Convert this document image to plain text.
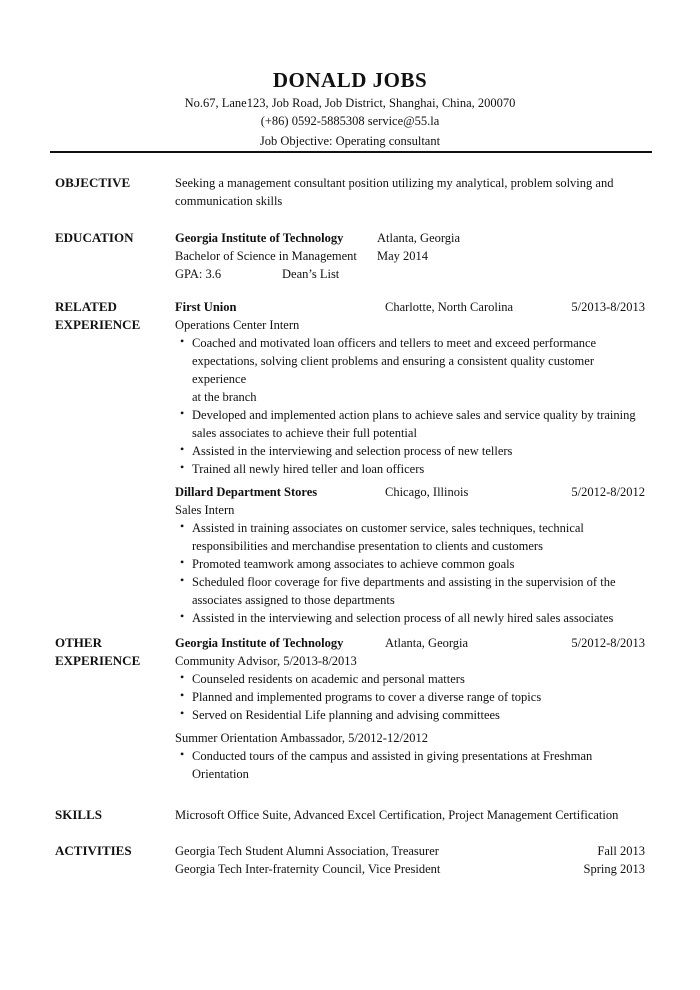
DONALD JOBS
No.67, Lane123, Job Road, Job District, Shanghai, China, 200070
(+86) 0592-5885308 service@55.la
Job Objective: Operating consultant
OBJECTIVE	Seeking a management consultant position utilizing my analytical, problem solving and
communication skills
EDUCATION	Georgia Institute of Technology	Atlanta, Georgia
Bachelor of Science in Management May 2014
GPA: 3.6	Dean’s List
RELATED
EXPERIENCE
First Union	Charlotte, North Carolina	5/2013-8/2013
Operations Center Intern
• Coached and motivated loan officers and tellers to meet and exceed performance
expectations, solving client problems and ensuring a consistent quality customer experience
at the branch
• Developed and implemented action plans to achieve sales and service quality by training
sales associates to achieve their full potential
• Assisted in the interviewing and selection process of new tellers
• Trained all newly hired teller and loan officers
Dillard Department Stores	Chicago, Illinois	5/2012-8/2012
Sales Intern
• Assisted in training associates on customer service, sales techniques, technical
responsibilities and merchandise presentation to clients and customers
• Promoted teamwork among associates to achieve common goals
• Scheduled floor coverage for five departments and assisting in the supervision of the
associates assigned to those departments
• Assisted in the interviewing and selection process of all newly hired sales associates
OTHER
EXPERIENCE
Georgia Institute of Technology	Atlanta, Georgia	5/2012-8/2013
Community Advisor, 5/2013-8/2013
• Counseled residents on academic and personal matters
• Planned and implemented programs to cover a diverse range of topics
• Served on Residential Life planning and advising committees
Summer Orientation Ambassador, 5/2012-12/2012
• Conducted tours of the campus and assisted in giving presentations at Freshman
Orientation
SKILLS	Microsoft Office Suite, Advanced Excel Certification, Project Management Certification
ACTIVITIES	Georgia Tech Student Alumni Association, Treasurer	Fall 2013
Georgia Tech Inter-fraternity Council, Vice President	Spring 2013
